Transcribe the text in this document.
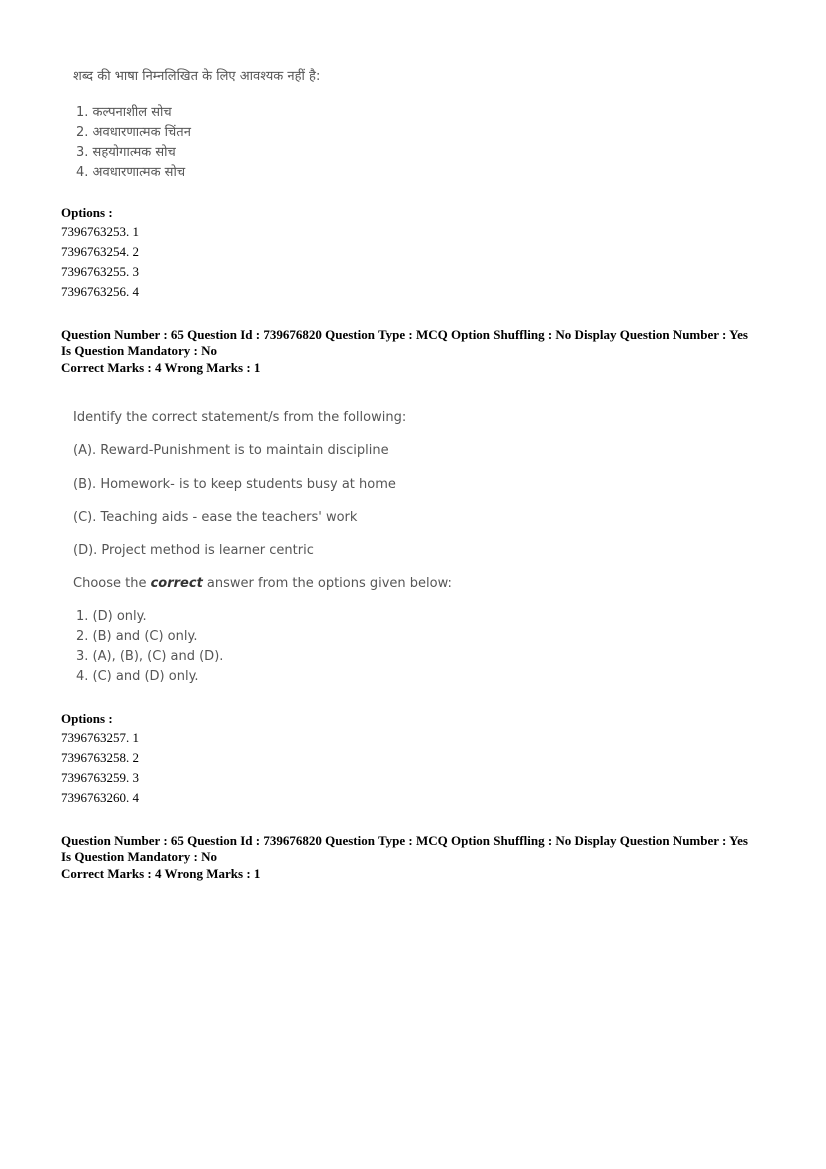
शब्द की भाषा निम्नलिखित के लिए आवश्यक नहीं है:
1. कल्पनाशील सोच
2. अवधारणात्मक चिंतन
3. सहयोगात्मक सोच
4. अवधारणात्मक सोच
Options :
7396763253. 1
7396763254. 2
7396763255. 3
7396763256. 4
Question Number : 65 Question Id : 739676820 Question Type : MCQ Option Shuffling : No Display Question Number : Yes
Is Question Mandatory : No
Correct Marks : 4 Wrong Marks : 1
Identify the correct statement/s from the following:
(A). Reward-Punishment is to maintain discipline
(B). Homework- is to keep students busy at home
(C). Teaching aids - ease the teachers' work
(D). Project method is learner centric
Choose the correct answer from the options given below:
1. (D) only.
2. (B) and (C) only.
3. (A), (B), (C) and (D).
4. (C) and (D) only.
Options :
7396763257. 1
7396763258. 2
7396763259. 3
7396763260. 4
Question Number : 65 Question Id : 739676820 Question Type : MCQ Option Shuffling : No Display Question Number : Yes
Is Question Mandatory : No
Correct Marks : 4 Wrong Marks : 1
